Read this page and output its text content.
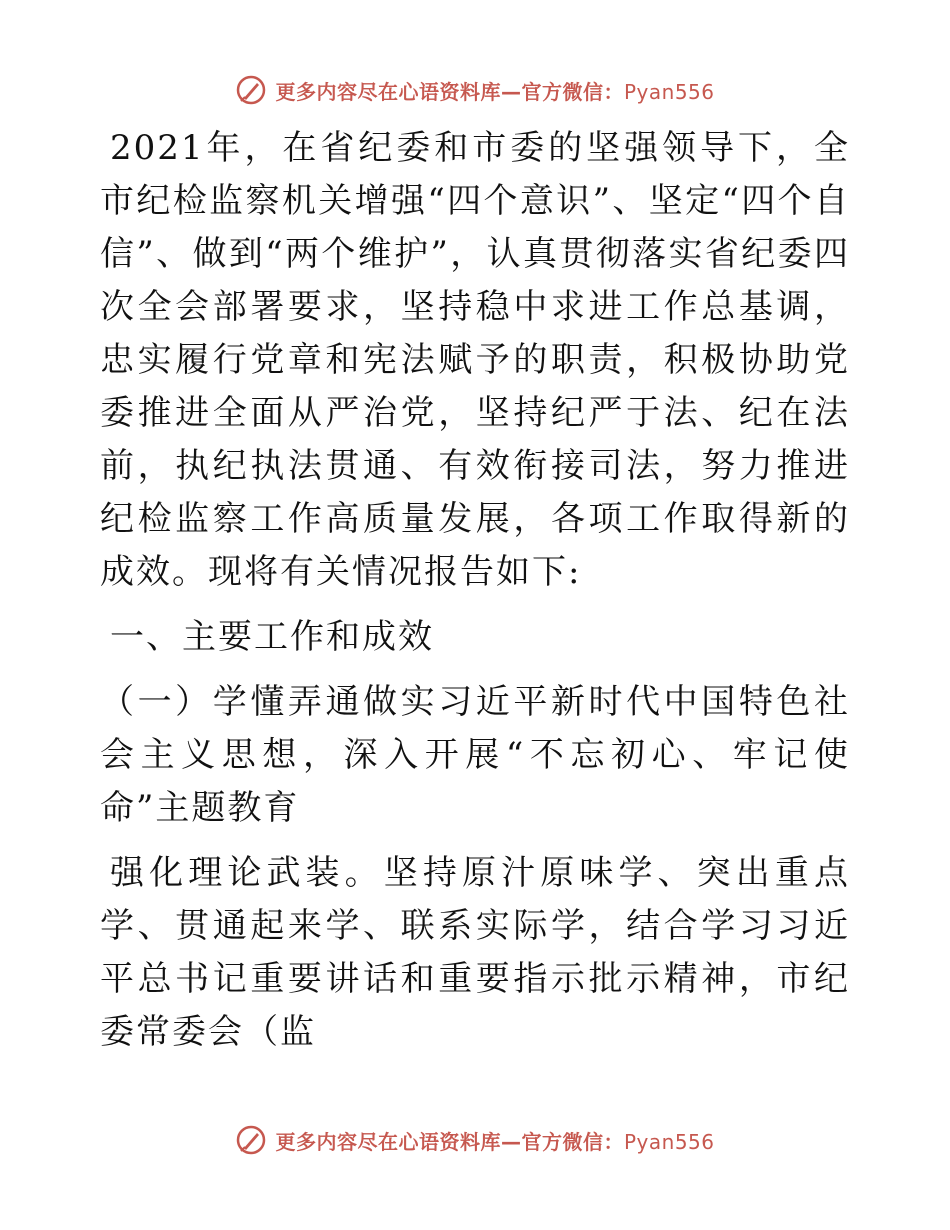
更多内容尽在心语资料库—官方微信：Pyan556

2021年，在省纪委和市委的坚强领导下，全市纪检监察机关增强“四个意识”、坚定“四个自信”、做到“两个维护”，认真贯彻落实省纪委四次全会部署要求，坚持稳中求进工作总基调，忠实履行党章和宪法赋予的职责，积极协助党委推进全面从严治党，坚持纪严于法、纪在法前，执纪执法贯通、有效衔接司法，努力推进纪检监察工作高质量发展，各项工作取得新的成效。现将有关情况报告如下:

一、主要工作和成效

（一）学懂弄通做实习近平新时代中国特色社会主义思想，深入开展“不忘初心、牢记使命”主题教育

强化理论武装。坚持原汁原味学、突出重点学、贯通起来学、联系实际学，结合学习习近平总书记重要讲话和重要指示批示精神，市纪委常委会（监

更多内容尽在心语资料库—官方微信：Pyan556
